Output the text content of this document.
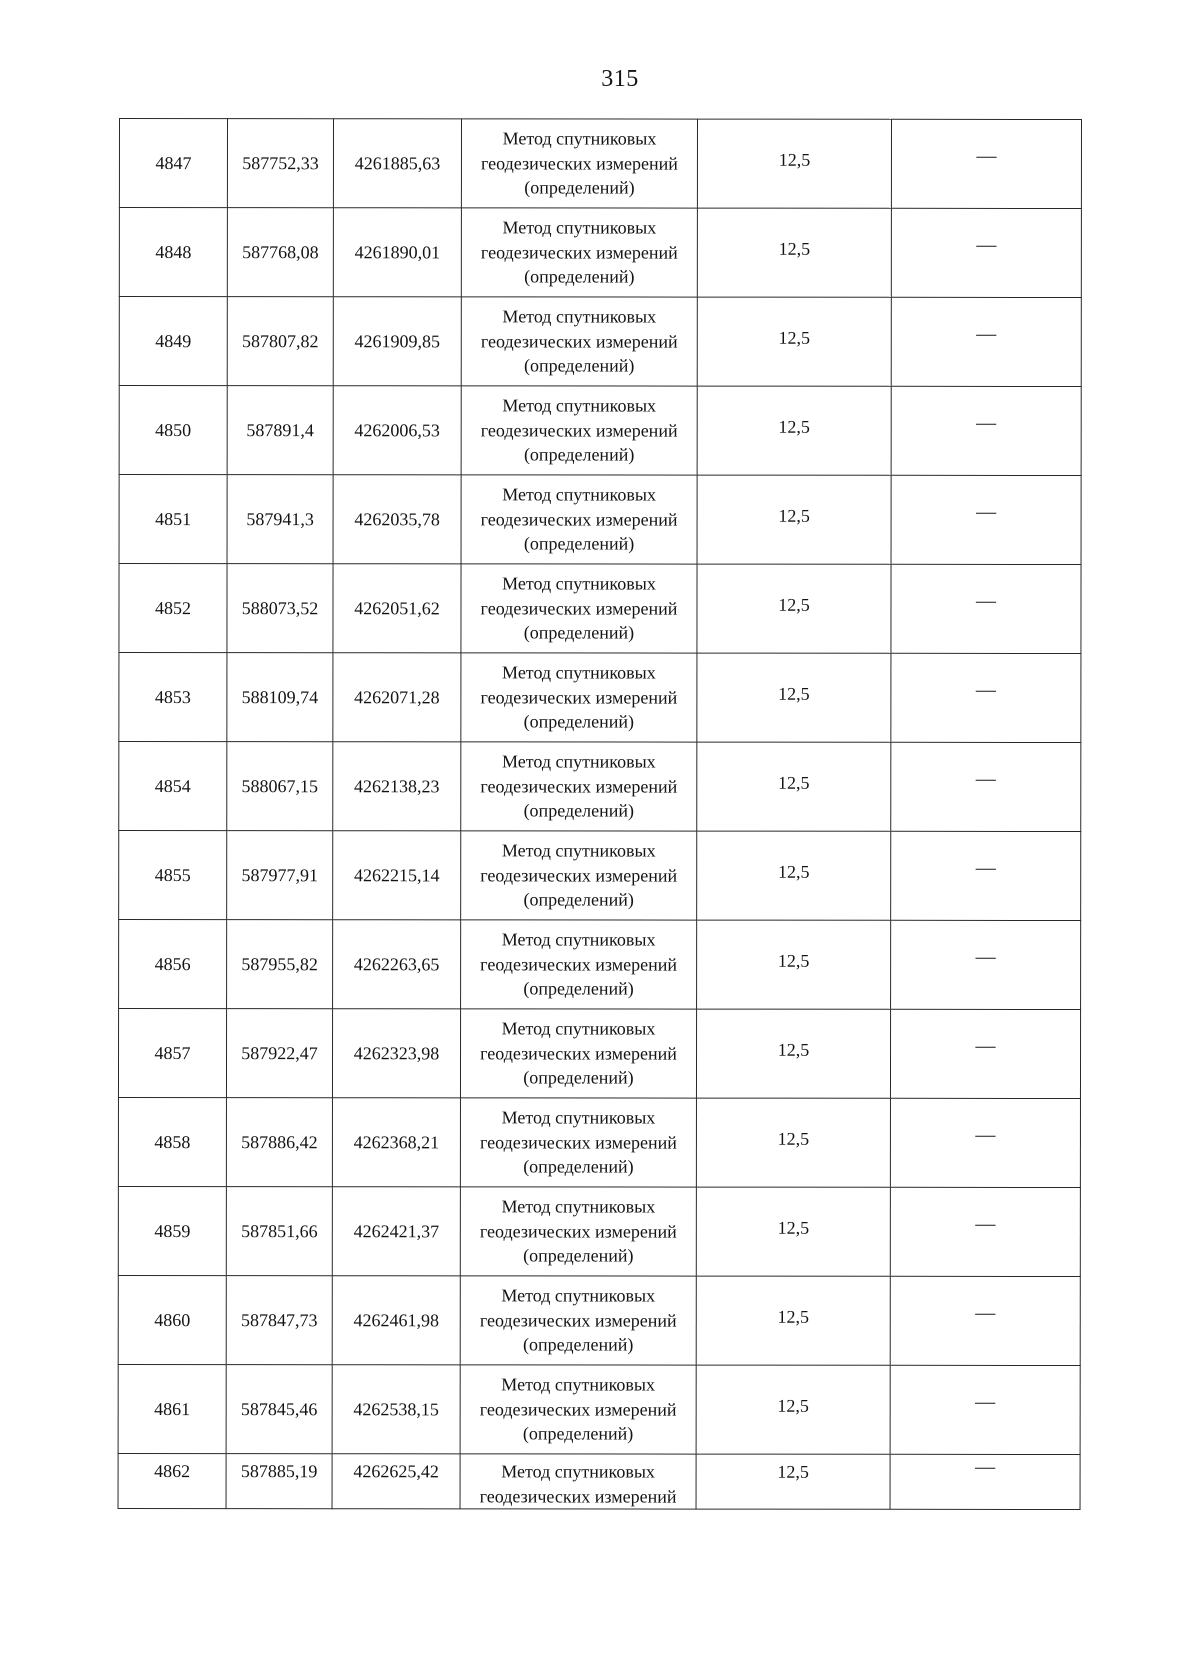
315
4847	587752,33	4261885,63	Метод спутниковых
геодезических измерений
(определений)	12,5	—
4848	587768,08	4261890,01	Метод спутниковых
геодезических измерений
(определений)	12,5	—
4849	587807,82	4261909,85	Метод спутниковых
геодезических измерений
(определений)	12,5	—
4850	587891,4	4262006,53	Метод спутниковых
геодезических измерений
(определений)	12,5	—
4851	587941,3	4262035,78	Метод спутниковых
геодезических измерений
(определений)	12,5	—
4852	588073,52	4262051,62	Метод спутниковых
геодезических измерений
(определений)	12,5	—
4853	588109,74	4262071,28	Метод спутниковых
геодезических измерений
(определений)	12,5	—
4854	588067,15	4262138,23	Метод спутниковых
геодезических измерений
(определений)	12,5	—
4855	587977,91	4262215,14	Метод спутниковых
геодезических измерений
(определений)	12,5	—
4856	587955,82	4262263,65	Метод спутниковых
геодезических измерений
(определений)	12,5	—
4857	587922,47	4262323,98	Метод спутниковых
геодезических измерений
(определений)	12,5	—
4858	587886,42	4262368,21	Метод спутниковых
геодезических измерений
(определений)	12,5	—
4859	587851,66	4262421,37	Метод спутниковых
геодезических измерений
(определений)	12,5	—
4860	587847,73	4262461,98	Метод спутниковых
геодезических измерений
(определений)	12,5	—
4861	587845,46	4262538,15	Метод спутниковых
геодезических измерений
(определений)	12,5	—
4862	587885,19	4262625,42	Метод спутниковых
геодезических измерений	12,5	—
